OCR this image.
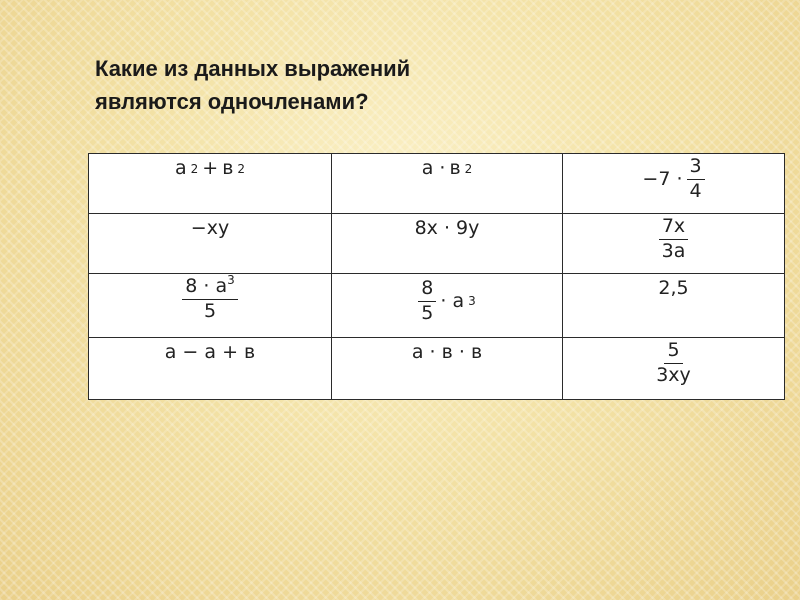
Какие из данных выражений
являются одночленами?
а 2 + в 2	а · в 2	$-7 \cdot \frac{3}{4}$

−xy	8x · 9y	$\frac{7x}{3a}$

$\frac{8 \cdot а^3}{5}$	$\frac{8}{5} \cdot а$ 3	2,5
а − а + в	а · в · в	$\frac{5}{3xy}$
